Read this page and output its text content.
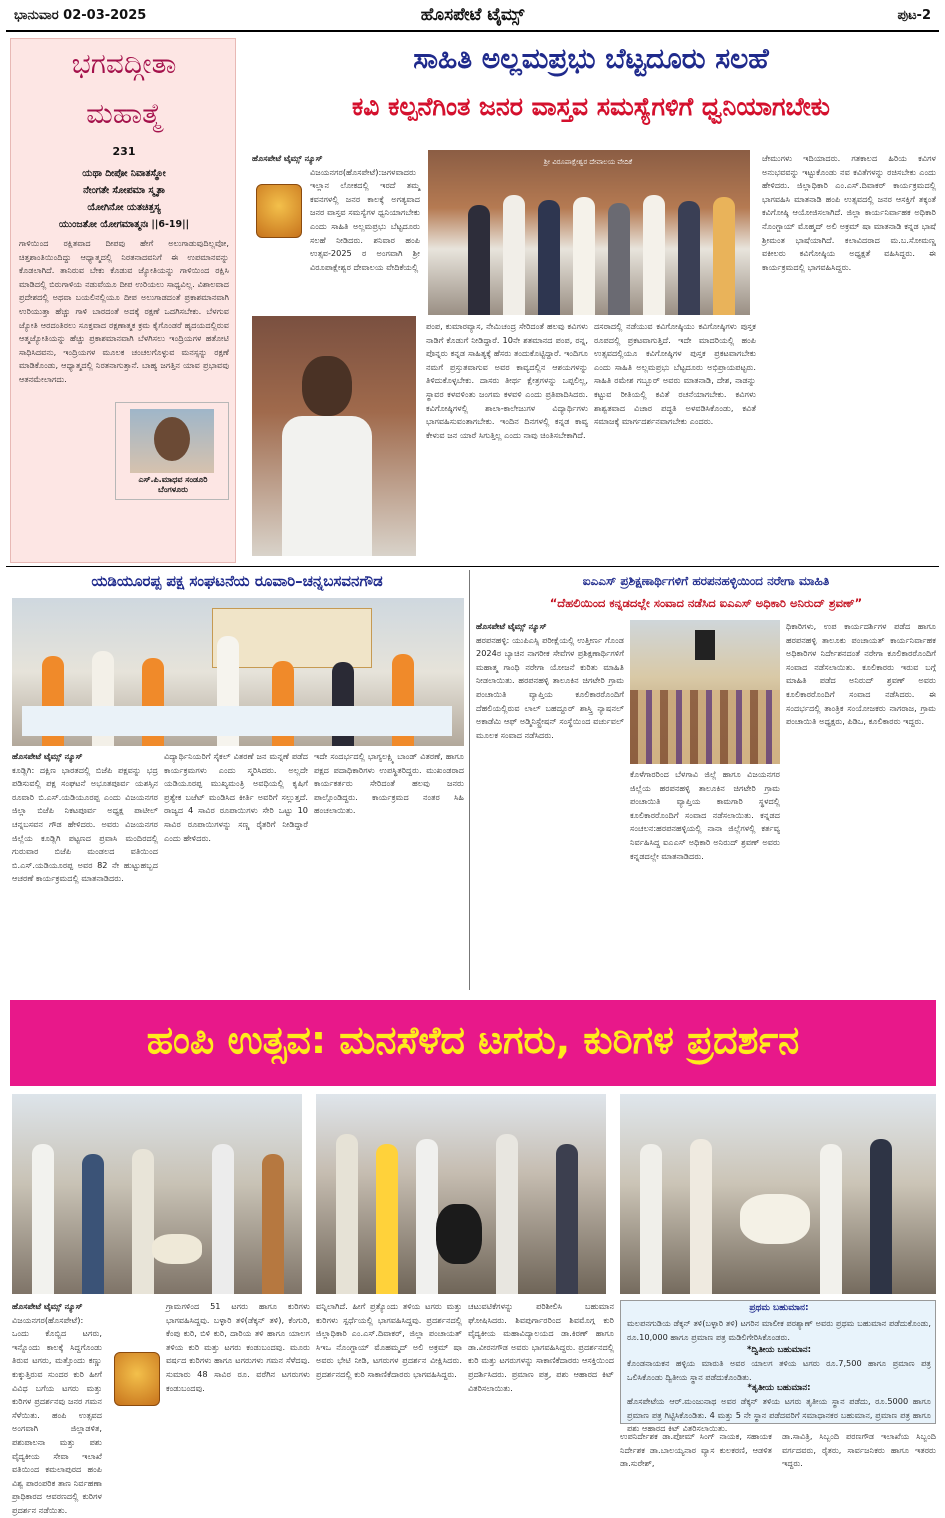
ಭಾನುವಾರ 02-03-2025	ಹೊಸಪೇಟೆ ಟೈಮ್ಸ್	ಪುಟ-2
ಭಗವದ್ಗೀತಾ
ಮಹಾತ್ಮೆ
231
ಯಥಾ ದೀಪೋ ನಿವಾತಸ್ಥೋ
ನೇಂಗತೇ ಸೋಪಮಾ ಸ್ಮೃತಾ
ಯೋಗಿನೋ ಯತಚಿತ್ತಸ್ಯ
ಯುಂಜತೋ ಯೋಗಮಾತ್ಮನಃ ||6-19||
ಗಾಳಿಯಿಂದ ರಕ್ಷಿತವಾದ ದೀಪವು ಹೇಗೆ ಅಲುಗಾಡುವುದಿಲ್ಲವೋ, ಚಿತ್ತಶಾಂತಿಯಿಂದಿದ್ದು ಆಧ್ಯಾತ್ಮದಲ್ಲಿ ನಿರತನಾದವನಿಗೆ ಈ ಉಪಮಾನವನ್ನು ಕೊಡಲಾಗಿದೆ. ತಾನಿರುವ ಬೇಕು ಕೊಡುವ ಜ್ಯೋತಿಯನ್ನು ಗಾಳಿಯಿಂದ ರಕ್ಷಿಸಿ ಮಾಡಿದಲ್ಲಿ ಬಿರುಗಾಳಿಯ ನಡುವೆಯೂ ದೀಪ ಉರಿಯಲು ಸಾಧ್ಯವಿಲ್ಲ. ವಿಶಾಲವಾದ ಪ್ರದೇಶದಲ್ಲಿ ಅಥವಾ ಬಯಲಿನಲ್ಲಿಯೂ ದೀಪ ಅಲುಗಾಡದಂತೆ ಪ್ರಕಾಶಮಾನವಾಗಿ ಉರಿಯುತ್ತಾ ಹೆಚ್ಚು ಗಾಳಿ ಬಾರದಂತೆ ಅದಕ್ಕೆ ರಕ್ಷಣೆ ಒದಗಿಸಬೇಕು. ಬೆಳಗುವ ಜ್ಯೋತಿ ಆರದಂತಿರಲು ಸೂಕ್ತವಾದ ರಕ್ಷಣಾತ್ಮಕ ಕ್ರಮ ಕೈಗೊಂಡರೆ ಹೃದಯದಲ್ಲಿರುವ ಆತ್ಮಜ್ಯೋತಿಯನ್ನು ಹೆಚ್ಚು ಪ್ರಕಾಶಮಾನವಾಗಿ ಬೆಳಗಿಸಲು ಇಂದ್ರಿಯಗಳ ಹತೋಟಿ ಸಾಧಿಸಿದವನು, ಇಂದ್ರಿಯಗಳ ಮೂಲಕ ಚಂಚಲಗೊಳ್ಳುವ ಮನಸ್ಸನ್ನು ರಕ್ಷಣೆ ಮಾಡಿಕೊಂಡು, ಆಧ್ಯಾತ್ಮದಲ್ಲಿ ನಿರತನಾಗುತ್ತಾನೆ. ಬಾಹ್ಯ ಜಗತ್ತಿನ ಯಾವ ಪ್ರಭಾವವು ಆತನಮೇಲಾಗದು.
ಎಸ್.ಪಿ.ಮಾಧವ ಸಂಡೂರಿ
ಬೆಂಗಳೂರು
ಸಾಹಿತಿ ಅಲ್ಲಮಪ್ರಭು ಬೆಟ್ಟದೂರು ಸಲಹೆ
ಕವಿ ಕಲ್ಪನೆಗಿಂತ ಜನರ ವಾಸ್ತವ ಸಮಸ್ಯೆಗಳಿಗೆ ಧ್ವನಿಯಾಗಬೇಕು
ಹೊಸಪೇಟೆ ಟೈಮ್ಸ್ ನ್ಯೂಸ್
ವಿಜಯನಗರ(ಹೊಸಪೇಟೆ):ಜಗಳವಾದರು ಇಲ್ಲಾನ ಲೋಕದಲ್ಲಿ ಇರದೆ ತಮ್ಮ ಕವನಗಳಲ್ಲಿ ಜನರ ಕಾಲಕ್ಕೆ ಅಗತ್ಯವಾದ ಜನರ ವಾಸ್ತವ ಸಮಸ್ಯೆಗಳ ಧ್ವನಿಯಾಗಬೇಕು ಎಂದು ಸಾಹಿತಿ ಅಲ್ಲಮಪ್ರಭು ಬೆಟ್ಟದೂರು ಸಲಹೆ ನೀಡಿದರು. ಶನಿವಾರ ಹಂಪಿ ಉತ್ಸವ-2025 ರ ಅಂಗವಾಗಿ ಶ್ರೀ ವಿರೂಪಾಕ್ಷೇಶ್ವರ ದೇವಾಲಯ ವೇದಿಕೆಯಲ್ಲಿ
ಶ್ರೀ ವಿರೂಪಾಕ್ಷೇಶ್ವರ ದೇವಾಲಯ ವೇದಿಕೆ
ಪಂಪ, ಕುಮಾರವ್ಯಾಸ, ನೇಮಿಚಂದ್ರ ಸೇರಿದಂತೆ ಹಲವು ಕವಿಗಳು ನಾಡಿಗೆ ಕೊಡುಗೆ ನೀಡಿದ್ದಾರೆ. 10ನೇ ಶತಮಾನದ ಪಂಪ, ರನ್ನ, ಪೊನ್ನರು ಕನ್ನಡ ಸಾಹಿತ್ಯಕ್ಕೆ ಹೆಸರು ತಂದುಕೊಟ್ಟಿದ್ದಾರೆ. ಇಂದಿಗೂ ನಮಗೆ ಪ್ರಸ್ತುತವಾಗುವ ಅವರ ಕಾವ್ಯದಲ್ಲಿನ ಆಶಯಗಳನ್ನು ತಿಳಿದುಕೊಳ್ಳಬೇಕು. ದಾಸರು ತೀರ್ಥ ಕ್ಷೇತ್ರಗಳನ್ನು ಒಪ್ಪಲಿಲ್ಲ, ಸ್ಥಾವರ ಕಳವಳಿಂತು ಜಂಗಮ ಕಳವಳಿ ಎಂದು ಪ್ರತಿಪಾದಿಸಿದರು. ಕವಿಗೋಷ್ಠಿಗಳಲ್ಲಿ ಶಾಲಾ-ಕಾಲೇಜುಗಳ ವಿದ್ಯಾರ್ಥಿಗಳು ಭಾಗವಹಿಸುವಂತಾಗಬೇಕು. ಇಂದಿನ ದಿನಗಳಲ್ಲಿ ಕನ್ನಡ ಕಾವ್ಯ ಕೇಳುವ ಜನ ಯಾರೆ ಸಿಗುತ್ತಿಲ್ಲ ಎಂದು ನಾವು ಚಿಂತಿಸಬೇಕಾಗಿದೆ.
ದಸರಾದಲ್ಲಿ ನಡೆಯುವ ಕವಿಗೋಷ್ಠಿಯು ಕವಿಗೋಷ್ಠಿಗಳು ಪುಸ್ತಕ ರೂಪದಲ್ಲಿ ಪ್ರಕಟವಾಗುತ್ತಿದೆ. ಇದೇ ಮಾದರಿಯಲ್ಲಿ ಹಂಪಿ ಉತ್ಸವದಲ್ಲಿಯೂ ಕವಿಗೋಷ್ಠಿಗಳ ಪುಸ್ತಕ ಪ್ರಕಟವಾಗಬೇಕು ಎಂದು ಸಾಹಿತಿ ಅಲ್ಲಮಪ್ರಭು ಬೆಟ್ಟದೂರು ಅಭಿಪ್ರಾಯಪಟ್ಟರು. ಸಾಹಿತಿ ರಮೇಶ ಗಬ್ಬೂರ್ ಅವರು ಮಾತನಾಡಿ, ದೇಶ, ನಾಡನ್ನು ಕಟ್ಟುವ ರೀತಿಯಲ್ಲಿ ಕವಿತೆ ರಚನೆಯಾಗಬೇಕು. ಕವಿಗಳು ಶಾಶ್ವತವಾದ ವಿಚಾರ ಪದ್ಧತಿ ಅಳವಡಿಸಿಕೊಂಡು, ಕವಿತೆ ಸಮಾಜಕ್ಕೆ ಮಾರ್ಗದರ್ಶನವಾಗಬೇಕು ಎಂದರು.
ಜೇಮುಗಳು ಇದಿಯಾದರು. ಗತಕಾಲದ ಹಿರಿಯ ಕವಿಗಳ ಅನುಭವವನ್ನು ಇಟ್ಟುಕೊಂಡು ನವ ಕವಿತೆಗಳನ್ನು ರಚಿಸಬೇಕು ಎಂದು ಹೇಳಿದರು. ಜಿಲ್ಲಾಧಿಕಾರಿ ಎಂ.ಎಸ್.ದಿವಾಕರ್ ಕಾರ್ಯಕ್ರಮದಲ್ಲಿ ಭಾಗವಹಿಸಿ ಮಾತನಾಡಿ ಹಂಪಿ ಉತ್ಸವದಲ್ಲಿ ಜನರ ಆಸಕ್ತಿಗೆ ತಕ್ಕಂತೆ ಕವಿಗೋಷ್ಠಿ ಆಯೋಜಿಸಲಾಗಿದೆ. ಜಿಲ್ಲಾ ಕಾರ್ಯನಿರ್ವಾಹಕ ಅಧಿಕಾರಿ ನೊಂಗ್ಜಾಯ್ ಮೊಹ್ಮದ್ ಅಲಿ ಅಕ್ರಮ್ ಷಾ ಮಾತನಾಡಿ ಕನ್ನಡ ಭಾಷೆ ಶ್ರೀಮಂತ ಭಾಷೆಯಾಗಿದೆ. ಕಲಾವಿದರಾದ ಮ.ಬ.ಸೋಮಣ್ಣ ವಕೀಲರು ಕವಿಗೋಷ್ಠಿಯ ಅಧ್ಯಕ್ಷತೆ ವಹಿಸಿದ್ದರು. ಈ ಕಾರ್ಯಕ್ರಮದಲ್ಲಿ ಭಾಗವಹಿಸಿದ್ದರು.
ಯಡಿಯೂರಪ್ಪ ಪಕ್ಷ ಸಂಘಟನೆಯ ರೂವಾರಿ–ಚನ್ನಬಸವನಗೌಡ
ಹೊಸಪೇಟೆ ಟೈಮ್ಸ್ ನ್ಯೂಸ್
ಕೂಡ್ಲಿಗಿ: ದಕ್ಷಿಣ ಭಾರತದಲ್ಲಿ ಬಿಜೆಪಿ ಪಕ್ಷವನ್ನು ಭದ್ರ ಪಡಿಸುವಲ್ಲಿ ಪಕ್ಷ ಸಂಘಟನೆ ಅಭೂತಪೂರ್ವ ಯಶಸ್ಸಿನ ರೂವಾರಿ ಬಿ.ಎಸ್.ಯಡಿಯೂರಪ್ಪ ಎಂದು ವಿಜಯನಗರ ಜಿಲ್ಲಾ ಬಿಜೆಪಿ ನಿಕಟಪೂರ್ವ ಅಧ್ಯಕ್ಷ ಪಾಟೀಲ್ ಚನ್ನಬಸವನ ಗೌಡ ಹೇಳಿದರು. ಅವರು ವಿಜಯನಗರ ಜಿಲ್ಲೆಯ ಕೂಡ್ಲಿಗಿ ಪಟ್ಟಣದ ಪ್ರವಾಸಿ ಮಂದಿರದಲ್ಲಿ ಗುರುವಾರ ಬಿಜೆಪಿ ಮಂಡಲದ ವತಿಯಿಂದ ಬಿ.ಎಸ್.ಯಡಿಯೂರಪ್ಪ ಅವರ 82 ನೇ ಹುಟ್ಟುಹಬ್ಬದ ಆಚರಣೆ ಕಾರ್ಯಕ್ರಮದಲ್ಲಿ ಮಾತನಾಡಿದರು.
ವಿದ್ಯಾರ್ಥಿನಿಯರಿಗೆ ಸೈಕಲ್ ವಿತರಣೆ ಜನ ಮನ್ನಣೆ ಪಡೆದ ಕಾರ್ಯಕ್ರಮಗಳು ಎಂದು ಸ್ಮರಿಸಿದರು. ಅಲ್ಲದೇ ಯಡಿಯೂರಪ್ಪ ಮುಖ್ಯಮಂತ್ರಿ ಅವಧಿಯಲ್ಲಿ ಕೃಷಿಗೆ ಪ್ರತ್ಯೇಕ ಬಜೆಟ್ ಮಂಡಿಸಿದ ಕೀರ್ತಿ ಅವರಿಗೆ ಸಲ್ಲುತ್ತದೆ. ರಾಜ್ಯದ 4 ಸಾವಿರ ರೂಪಾಯಿಗಳು ಸೇರಿ ಒಟ್ಟು 10 ಸಾವಿರ ರೂಪಾಯಿಗಳನ್ನು ಸಣ್ಣ ರೈತರಿಗೆ ನೀಡಿದ್ದಾರೆ ಎಂದು ಹೇಳಿದರು.
ಇದೇ ಸಂದರ್ಭದಲ್ಲಿ ಭಾಗ್ಯಲಕ್ಷ್ಮಿ ಬಾಂಡ್ ವಿತರಣೆ, ಹಾಗೂ ಪಕ್ಷದ ಪದಾಧಿಕಾರಿಗಳು ಉಪಸ್ಥಿತರಿದ್ದರು. ಮುಖಂಡರಾದ ಕಾರ್ಯಕರ್ತರು ಸೇರಿದಂತೆ ಹಲವು ಜನರು ಪಾಲ್ಗೊಂಡಿದ್ದರು. ಕಾರ್ಯಕ್ರಮದ ನಂತರ ಸಿಹಿ ಹಂಚಲಾಯಿತು.
ಐಎಎಸ್ ಪ್ರಶಿಕ್ಷಣಾರ್ಥಿಗಳಿಗೆ ಹರಪನಹಳ್ಳಿಯಿಂದ ನರೇಗಾ ಮಾಹಿತಿ
“ದೆಹಲಿಯಿಂದ ಕನ್ನಡದಲ್ಲೇ ಸಂವಾದ ನಡೆಸಿದ ಐಎಎಸ್ ಅಧಿಕಾರಿ ಅನಿರುದ್ ಶ್ರವಣ್”
ಹೊಸಪೇಟೆ ಟೈಮ್ಸ್ ನ್ಯೂಸ್
ಹರಪನಹಳ್ಳಿ: ಯುಪಿಎಸ್ಸಿ ಪರೀಕ್ಷೆಯಲ್ಲಿ ಉತ್ತೀರ್ಣ ಗೊಂಡ 2024ರ ಬ್ಯಾಚಿನ ನಾಗರೀಕ ಸೇವೆಗಳ ಪ್ರಶಿಕ್ಷಣಾರ್ಥಿಗಳಿಗೆ ಮಹಾತ್ಮ ಗಾಂಧಿ ನರೇಗಾ ಯೋಜನೆ ಕುರಿತು ಮಾಹಿತಿ ನೀಡಲಾಯಿತು. ಹರಪನಹಳ್ಳಿ ತಾಲೂಕಿನ ಚಿಗಟೇರಿ ಗ್ರಾಮ ಪಂಚಾಯಿತಿ ವ್ಯಾಪ್ತಿಯ ಕೂಲಿಕಾರರೊಂದಿಗೆ ದೆಹಲಿಯಲ್ಲಿರುವ ಲಾಲ್ ಬಹದ್ದೂರ್ ಶಾಸ್ತ್ರಿ ನ್ಯಾಷನಲ್ ಅಕಾಡೆಮಿ ಆಫ್ ಅಡ್ಮಿನಿಸ್ಟ್ರೇಷನ್ ಸಂಸ್ಥೆಯಿಂದ ವರ್ಚುವಲ್ ಮೂಲಕ ಸಂವಾದ ನಡೆಸಿದರು.
ಕೊಳೆಗಾರರಿಂದ ಬೆಳಗಾವಿ ಜಿಲ್ಲೆ ಹಾಗೂ ವಿಜಯನಗರ ಜಿಲ್ಲೆಯ ಹರಪನಹಳ್ಳಿ ತಾಲೂಕಿನ ಚಿಗಟೇರಿ ಗ್ರಾಮ ಪಂಚಾಯಿತಿ ವ್ಯಾಪ್ತಿಯ ಕಾಮಗಾರಿ ಸ್ಥಳದಲ್ಲಿ ಕೂಲಿಕಾರರೊಂದಿಗೆ ಸಂವಾದ ನಡೆಸಲಾಯಿತು. ಕನ್ನಡದ ಸಂಚಲನ:ಹರಪನಹಳ್ಳಿಯಲ್ಲಿ ನಾನಾ ಜಿಲ್ಲೆಗಳಲ್ಲಿ ಕರ್ತವ್ಯ ನಿರ್ವಹಿಸಿದ್ದ ಐಎಎಸ್ ಅಧಿಕಾರಿ ಅನಿರುದ್ ಶ್ರವಣ್ ಅವರು ಕನ್ನಡದಲ್ಲೇ ಮಾತನಾಡಿದರು.
ಧಿಕಾರಿಗಳು, ಉಪ ಕಾರ್ಯದರ್ಶಿಗಳ ಪಡೆದ ಹಾಗೂ ಹರಪನಹಳ್ಳಿ ತಾಲೂಕು ಪಂಚಾಯತ್ ಕಾರ್ಯನಿರ್ವಾಹಕ ಅಧಿಕಾರಿಗಳ ನಿರ್ದೇಶನದಂತೆ ನರೇಗಾ ಕೂಲಿಕಾರರೊಂದಿಗೆ ಸಂವಾದ ನಡೆಸಲಾಯಿತು. ಕೂಲಿಕಾರರು ಇರುವ ಬಗ್ಗೆ ಮಾಹಿತಿ ಪಡೆದ ಅನಿರುದ್ ಶ್ರವಣ್ ಅವರು ಕೂಲಿಕಾರರೊಂದಿಗೆ ಸಂವಾದ ನಡೆಸಿದರು. ಈ ಸಂದರ್ಭದಲ್ಲಿ ತಾಂತ್ರಿಕ ಸಂಯೋಜಕರು ನಾಗರಾಜ, ಗ್ರಾಮ ಪಂಚಾಯಿತಿ ಅಧ್ಯಕ್ಷರು, ಪಿಡಿಒ, ಕೂಲಿಕಾರರು ಇದ್ದರು.
ಹಂಪಿ ಉತ್ಸವ: ಮನಸೆಳೆದ ಟಗರು, ಕುರಿಗಳ ಪ್ರದರ್ಶನ
ಹೊಸಪೇಟೆ ಟೈಮ್ಸ್ ನ್ಯೂಸ್
ವಿಜಯನಗರ(ಹೊಸಪೇಟೆ): ಒಂದು ಕೊಬ್ಬಿದ ಟಗರು, ಇನ್ನೊಂದು ಕಾಲಕ್ಕೆ ಸಿದ್ದಗೊಂಡು ತಿರುವ ಟಗರು, ಮತ್ತೊಂದು ಕಣ್ಣು ಕುಕ್ಕುತ್ತಿರುವ ಸುಂದರ ಕುರಿ ಹೀಗೆ ವಿವಿಧ ಬಗೆಯ ಟಗರು ಮತ್ತು ಕುರಿಗಳ ಪ್ರದರ್ಶನವು ಜನರ ಗಮನ ಸೆಳೆಯಿತು. ಹಂಪಿ ಉತ್ಸವದ ಅಂಗವಾಗಿ ಜಿಲ್ಲಾಡಳಿತ, ಪಶುಪಾಲನಾ ಮತ್ತು ಪಶು ವೈದ್ಯಕೀಯ ಸೇವಾ ಇಲಾಖೆ ವತಿಯಿಂದ ಕಮಲಾಪುರದ ಹಂಪಿ ವಿಶ್ವ ಪಾರಂಪರಿಕ ತಾಣ ನಿರ್ವಹಣಾ ಪ್ರಾಧಿಕಾರದ ಆವರಣದಲ್ಲಿ ಕುರಿಗಳ ಪ್ರದರ್ಶನ ನಡೆಯಿತು.
ಗ್ರಾಮಗಳಿಂದ 51 ಟಗರು ಹಾಗೂ ಕುರಿಗಳು ಭಾಗವಹಿಸಿದ್ದವು. ಬಳ್ಳಾರಿ ತಳಿ(ಡೆಕ್ಕನ್ ತಳಿ), ಕೆಂಗುರಿ, ಕೆಂಪು ಕುರಿ, ಬಿಳಿ ಕುರಿ, ದಾರಿಯ ತಳಿ ಹಾಗೂ ಯಾಲಗ ತಳಿಯ ಕುರಿ ಮತ್ತು ಟಗರು ಕಂಡುಬಂದವು. ಮೂರು ವರ್ಷದ ಕುರಿಗಳು ಹಾಗೂ ಟಗರುಗಳು ಗಮನ ಸೆಳೆದವು. ಸುಮಾರು 48 ಸಾವಿರ ರೂ. ವರೆಗಿನ ಟಗರುಗಳು ಕಂಡುಬಂದವು.
ವನ್ನಿಲಾಗಿದೆ. ಹೀಗೆ ಪ್ರತ್ಯೊಂದು ತಳಿಯ ಟಗರು ಮತ್ತು ಕುರಿಗಳು ಸ್ಪರ್ಧೆಯಲ್ಲಿ ಭಾಗವಹಿಸಿದ್ದವು. ಪ್ರದರ್ಶನದಲ್ಲಿ ಜಿಲ್ಲಾಧಿಕಾರಿ ಎಂ.ಎಸ್.ದಿವಾಕರ್, ಜಿಲ್ಲಾ ಪಂಚಾಯತ್ ಸಿಇಒ ನೊಂಗ್ಜಾಯ್ ಮೊಹಮ್ಮದ್ ಅಲಿ ಅಕ್ರಮ್ ಷಾ ಅವರು ಭೇಟಿ ನೀಡಿ, ಟಗರುಗಳ ಪ್ರದರ್ಶನ ವೀಕ್ಷಿಸಿದರು. ಪ್ರದರ್ಶನದಲ್ಲಿ ಕುರಿ ಸಾಕಾಣಿಕೆದಾರರು ಭಾಗವಹಿಸಿದ್ದರು.
ಚಟುವಟಿಕೆಗಳನ್ನು ಪರಿಶೀಲಿಸಿ ಬಹುಮಾನ ಘೋಷಿಸಿದರು. ಶಿವಪುರ್ಗಾರರಿಂದ ಶಿವಮೊಗ್ಗ ಕುರಿ ವೈದ್ಯಕೀಯ ಮಹಾವಿದ್ಯಾಲಯದ ಡಾ.ಕಿರಣ್ ಹಾಗೂ ಡಾ.ವೀರನಗೌಡ ಅವರು ಭಾಗವಹಿಸಿದ್ದರು. ಪ್ರದರ್ಶನದಲ್ಲಿ ಕುರಿ ಮತ್ತು ಟಗರುಗಳನ್ನು ಸಾಕಾಣಿಕೆದಾರರು ಆಸಕ್ತಿಯಿಂದ ಪ್ರದರ್ಶಿಸಿದರು. ಪ್ರಮಾಣ ಪತ್ರ, ಪಶು ಆಹಾರದ ಕಿಟ್ ವಿತರಿಸಲಾಯಿತು.
ಪ್ರಥಮ ಬಹುಮಾನ:
ಮಲಪನಗುಡಿಯ ಡೆಕ್ಕನ್ ತಳಿ(ಬಳ್ಳಾರಿ ತಳಿ) ಟಗರಿನ ಮಾಲೀಕ ಪರಶ್ಯಾಣ್ ಅವರು ಪ್ರಥಮ ಬಹುಮಾನ ಪಡೆದುಕೊಂಡು, ರೂ.10,000 ಹಾಗೂ ಪ್ರಮಾಣ ಪತ್ರ ಮಡಿಲಿಗೇರಿಸಿಕೊಂಡರು.
*ದ್ವಿತೀಯ ಬಹುಮಾನ:
ಕೊಂಡನಾಯಕನ ಹಳ್ಳಿಯ ಮಾರುತಿ ಅವರ ಯಾಲಗ ತಳಿಯ ಟಗರು ರೂ.7,500 ಹಾಗೂ ಪ್ರಮಾಣ ಪತ್ರ ಒಲಿಸಿಕೊಂಡು ದ್ವಿತೀಯ ಸ್ಥಾನ ಪಡೆದುಕೊಂಡಿತು.
*ತೃತೀಯ ಬಹುಮಾನ:
ಹೊಸಪೇಟೆಯ ಆರ್.ಮಂಜುನಾಥ ಅವರ ಡೆಕ್ಕನ್ ತಳಿಯ ಟಗರು ತೃತೀಯ ಸ್ಥಾನ ಪಡೆದು, ರೂ.5000 ಹಾಗೂ ಪ್ರಮಾಣ ಪತ್ರ ಗಿಟ್ಟಿಸಿಕೊಂಡಿತು. 4 ಮತ್ತು 5 ನೇ ಸ್ಥಾನ ಪಡೆದವರಿಗೆ ಸಮಾಧಾನಕರ ಬಹುಮಾನ, ಪ್ರಮಾಣ ಪತ್ರ ಹಾಗೂ ಪಶು ಆಹಾರದ ಕಿಟ್ ವಿತರಿಸಲಾಯಿತು.
ಉಪನಿರ್ದೇಶಕ ಡಾ.ಪೋಮ್ ಸಿಂಗ್ ನಾಯಕ, ಸಹಾಯಕ ನಿರ್ದೇಶಕ ಡಾ.ಬಾಲಯ್ಯನಾರ ವ್ಯಾಸ ಕುಲಕರಣಿ, ಆಡಳಿತ ಡಾ.ಸುರೇಶ್,
ಡಾ.ಸಾವಿತ್ರಿ, ಸಿಬ್ಬಂದಿ ಪರಣಗೌಡ ಇಲಾಖೆಯ ಸಿಬ್ಬಂದಿ ವರ್ಗದವರು, ರೈತರು, ಸಾರ್ವಜನಿಕರು ಹಾಗೂ ಇತರರು ಇದ್ದರು.
